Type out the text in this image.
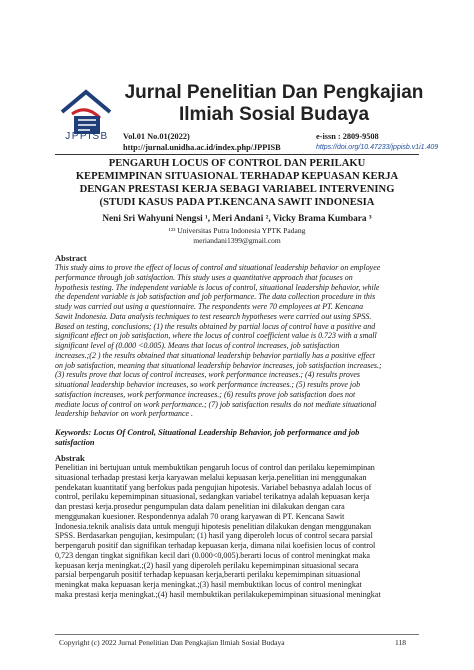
JPPISB
Jurnal Penelitian Dan Pengkajian
Ilmiah Sosial Budaya
Vol.01 No.01(2022)
http://jurnal.unidha.ac.id/index.php/JPPISB
e-issn : 2809-9508
https://doi.org/10.47233/jppisb.v1i1.409
PENGARUH LOCUS OF CONTROL DAN PERILAKU
KEPEMIMPINAN SITUASIONAL TERHADAP KEPUASAN KERJA
DENGAN PRESTASI KERJA SEBAGI VARIABEL INTERVENING
(STUDI KASUS PADA PT.KENCANA SAWIT INDONESIA
Neni Sri Wahyuni Nengsi ¹, Meri Andani ², Vicky Brama Kumbara ³
¹²³ Universitas Putra Indonesia YPTK Padang
meriandani1399@gmail.com
Abstract
This study aims to prove the effect of locus of control and situational leadership behavior on employee
performance through job satisfaction. This study uses a quantitative approach that focuses on
hypothesis testing. The independent variable is locus of control, situational leadership behavior, while
the dependent variable is job satisfaction and job performance. The data collection procedure in this
study was carried out using a questionnaire. The respondents were 70 employees at PT. Kencana
Sawit Indonesia. Data analysis techniques to test research hypotheses were carried out using SPSS.
Based on testing, conclusions; (1) the results obtained by partial locus of control have a positive and
significant effect on job satisfaction, where the locus of control coefficient value is 0.723 with a small
significant level of (0.000 <0.005). Means that locus of control increases, job satisfaction
increases.;(2 ) the results obtained that situational leadership behavior partially has a positive effect
on job satisfaction, meaning that situational leadership behavior increases, job satisfaction increases.;
(3) results prove that locus of control increases, work performance increases.; (4) results proves
situational leadership behavior increases, so work performance increases.; (5) results prove job
satisfaction increases, work performance increases.; (6) results prove job satisfaction does not
mediate locus of control on work performance.; (7) job satisfaction results do not mediate situational
leadership behavior on work performance .
Keywords: Locus Of Control, Situational Leadership Behavior, job performance and job
satisfaction
Abstrak
Penelitian ini bertujuan untuk membuktikan pengaruh locus of control dan perilaku kepemimpinan
situasional terhadap prestasi kerja karyawan melalui kepuasan kerja.penelitian ini menggunakan
pendekatan kuantitatif yang berfokus pada pengujian hipotesis. Variabel bebasnya adalah locus of
control, perilaku kepemimpinan situasional, sedangkan variabel terikatnya adalah kepuasan kerja
dan prestasi kerja.prosedur pengumpulan data dalam penelitian ini dilakukan dengan cara
menggunakan kuesioner. Respondennya adalah 70 orang karyawan di PT. Kencana Sawit
Indonesia.teknik analisis data untuk menguji hipotesis penelitian dilakukan dengan menggunakan
SPSS. Berdasarkan pengujian, kesimpulan; (1) hasil yang diperoleh locus of control secara parsial
berpengaruh positif dan signifikan terhadap kepuasan kerja, dimana nilai koefisien locus of control
0,723 dengan tingkat signifikan kecil dari (0.000<0,005).berarti locus of control meningkat maka
kepuasan kerja meningkat.;(2) hasil yang diperoleh perilaku kepemimpinan situasional secara
parsial berpengaruh positif terhadap kepuasan kerja,berarti perilaku kepemimpinan situasional
meningkat maka kepuasan kerja meningkat.;(3) hasil membuktikan locus of control meningkat
maka prestasi kerja meningkat.;(4) hasil membuktikan perilakukepemimpinan situasional meningkat
Copyright (c) 2022 Jurnal Penelitian Dan Pengkajian Ilmiah Sosial Budaya	118
